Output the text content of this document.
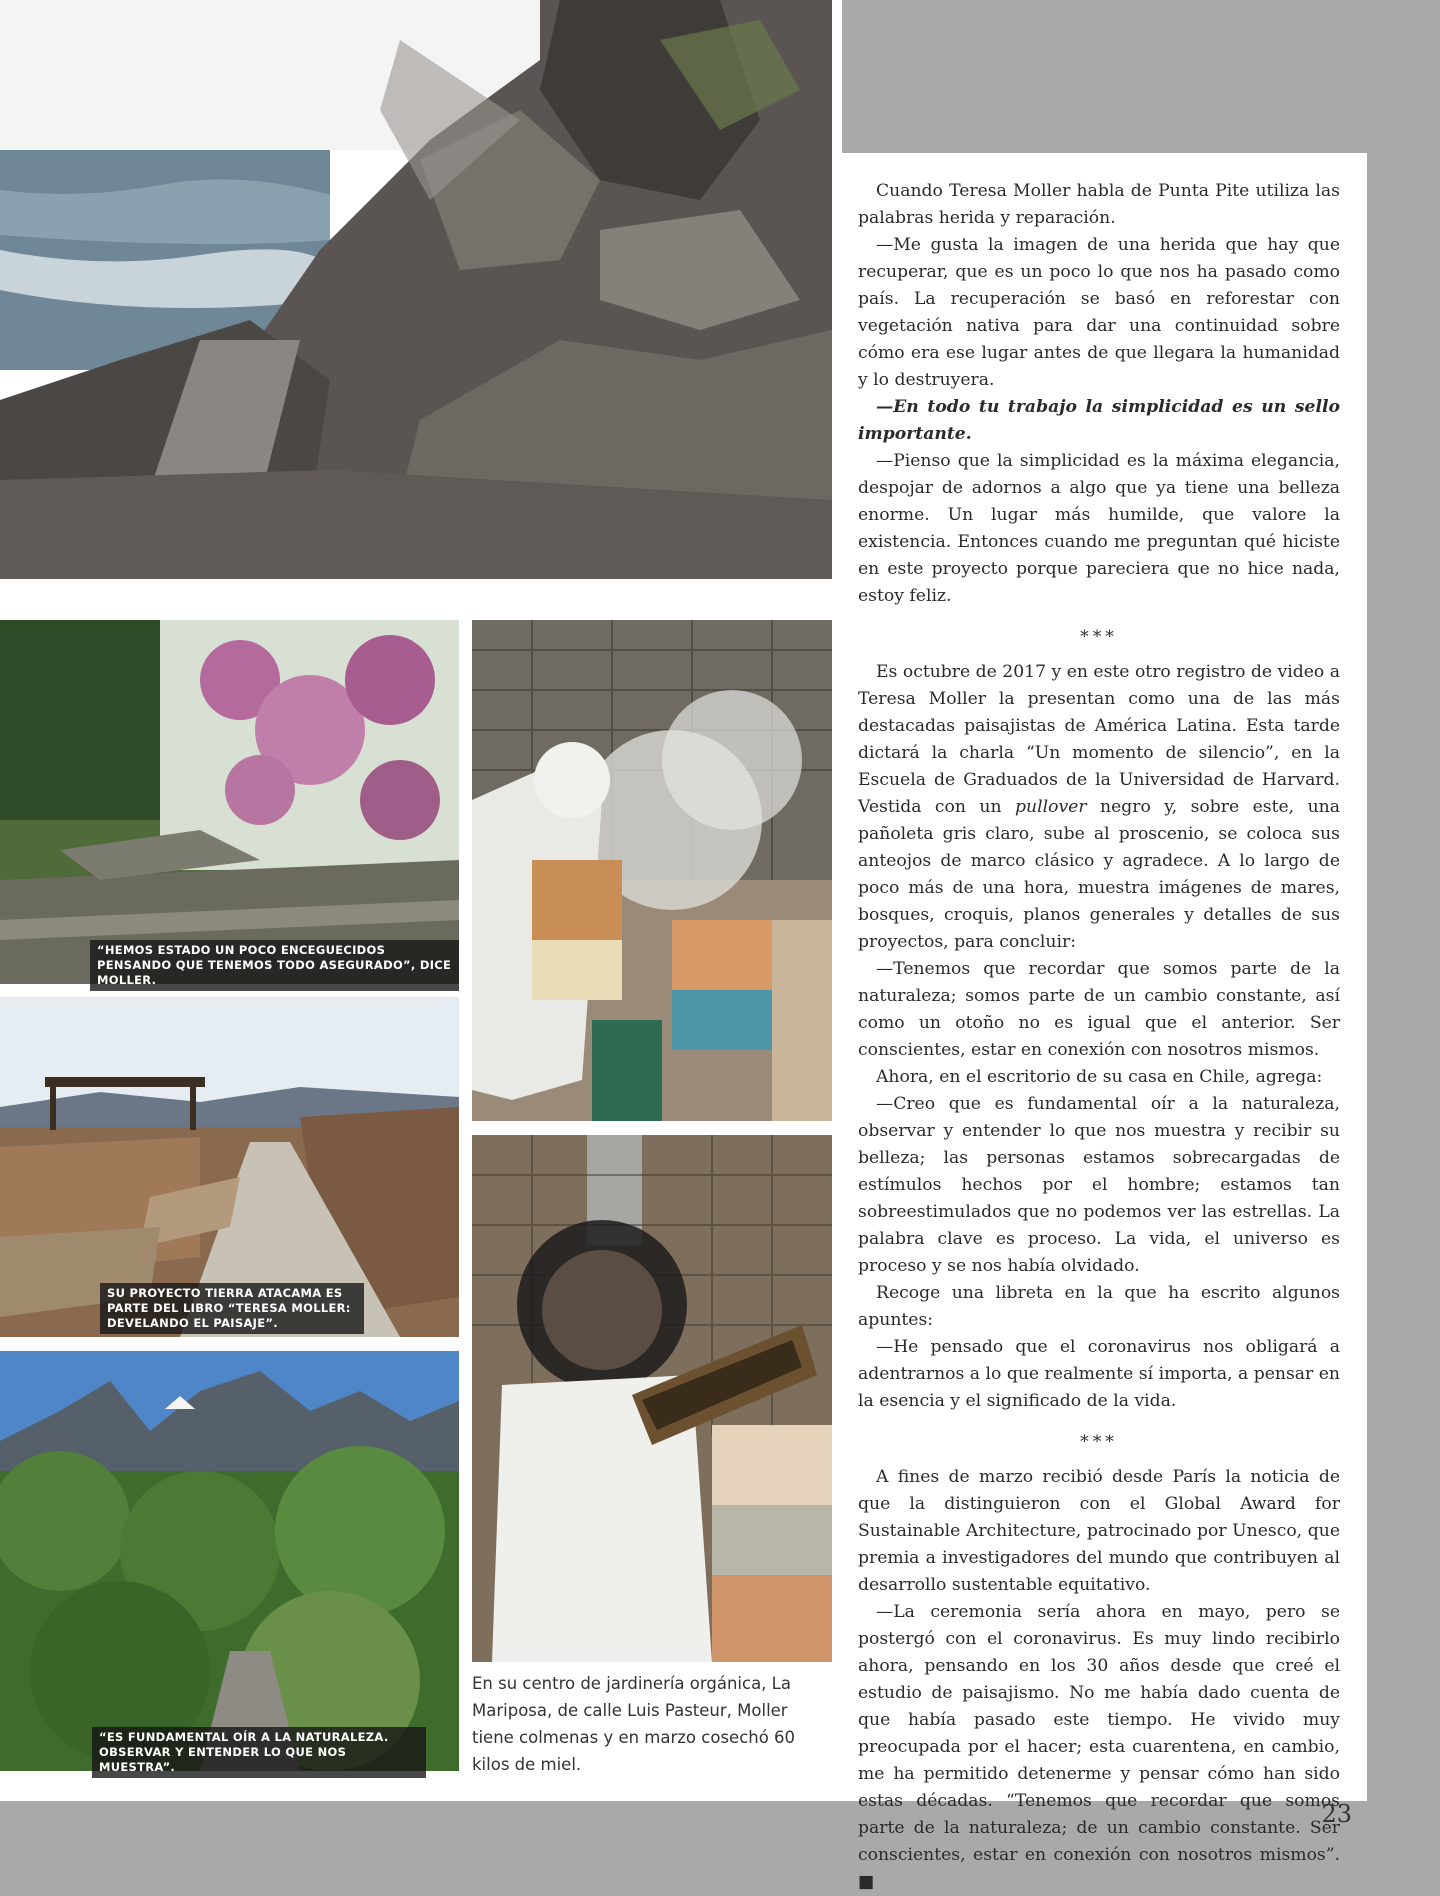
“HEMOS ESTADO UN POCO ENCEGUECIDOS PENSANDO QUE TENEMOS TODO ASEGURADO”, DICE MOLLER.
SU PROYECTO TIERRA ATACAMA ES PARTE DEL LIBRO “TERESA MOLLER: DEVELANDO EL PAISAJE”.
“ES FUNDAMENTAL OÍR A LA NATURALEZA. OBSERVAR Y ENTENDER LO QUE NOS MUESTRA”.
En su centro de jardinería orgánica, La Mariposa, de calle Luis Pasteur, Moller tiene colmenas y en marzo cosechó 60 kilos de miel.

Cuando Teresa Moller habla de Punta Pite utiliza las palabras herida y reparación.

—Me gusta la imagen de una herida que hay que recuperar, que es un poco lo que nos ha pasado como país. La recuperación se basó en reforestar con vegetación nativa para dar una continuidad sobre cómo era ese lugar antes de que llegara la humanidad y lo destruyera.

—En todo tu trabajo la simplicidad es un sello importante.

—Pienso que la simplicidad es la máxima elegancia, despojar de adornos a algo que ya tiene una belleza enorme. Un lugar más humilde, que valore la existencia. Entonces cuando me preguntan qué hiciste en este proyecto porque pareciera que no hice nada, estoy feliz.

***

Es octubre de 2017 y en este otro registro de video a Teresa Moller la presentan como una de las más destacadas paisajistas de América Latina. Esta tarde dictará la charla “Un momento de silencio”, en la Escuela de Graduados de la Universidad de Harvard. Vestida con un pullover negro y, sobre este, una pañoleta gris claro, sube al proscenio, se coloca sus anteojos de marco clásico y agradece. A lo largo de poco más de una hora, muestra imágenes de mares, bosques, croquis, planos generales y detalles de sus proyectos, para concluir:

—Tenemos que recordar que somos parte de la naturaleza; somos parte de un cambio constante, así como un otoño no es igual que el anterior. Ser conscientes, estar en conexión con nosotros mismos.

Ahora, en el escritorio de su casa en Chile, agrega:

—Creo que es fundamental oír a la naturaleza, observar y entender lo que nos muestra y recibir su belleza; las personas estamos sobrecargadas de estímulos hechos por el hombre; estamos tan sobreestimulados que no podemos ver las estrellas. La palabra clave es proceso. La vida, el universo es proceso y se nos había olvidado.

Recoge una libreta en la que ha escrito algunos apuntes:

—He pensado que el coronavirus nos obligará a adentrarnos a lo que realmente sí importa, a pensar en la esencia y el significado de la vida.

***

A fines de marzo recibió desde París la noticia de que la distinguieron con el Global Award for Sustainable Architecture, patrocinado por Unesco, que premia a investigadores del mundo que contribuyen al desarrollo sustentable equitativo.

—La ceremonia sería ahora en mayo, pero se postergó con el coronavirus. Es muy lindo recibirlo ahora, pensando en los 30 años desde que creé el estudio de paisajismo. No me había dado cuenta de que había pasado este tiempo. He vivido muy preocupada por el hacer; esta cuarentena, en cambio, me ha permitido detenerme y pensar cómo han sido estas décadas. “Tenemos que recordar que somos parte de la naturaleza; de un cambio constante. Ser conscientes, estar en conexión con nosotros mismos”. ■

23
